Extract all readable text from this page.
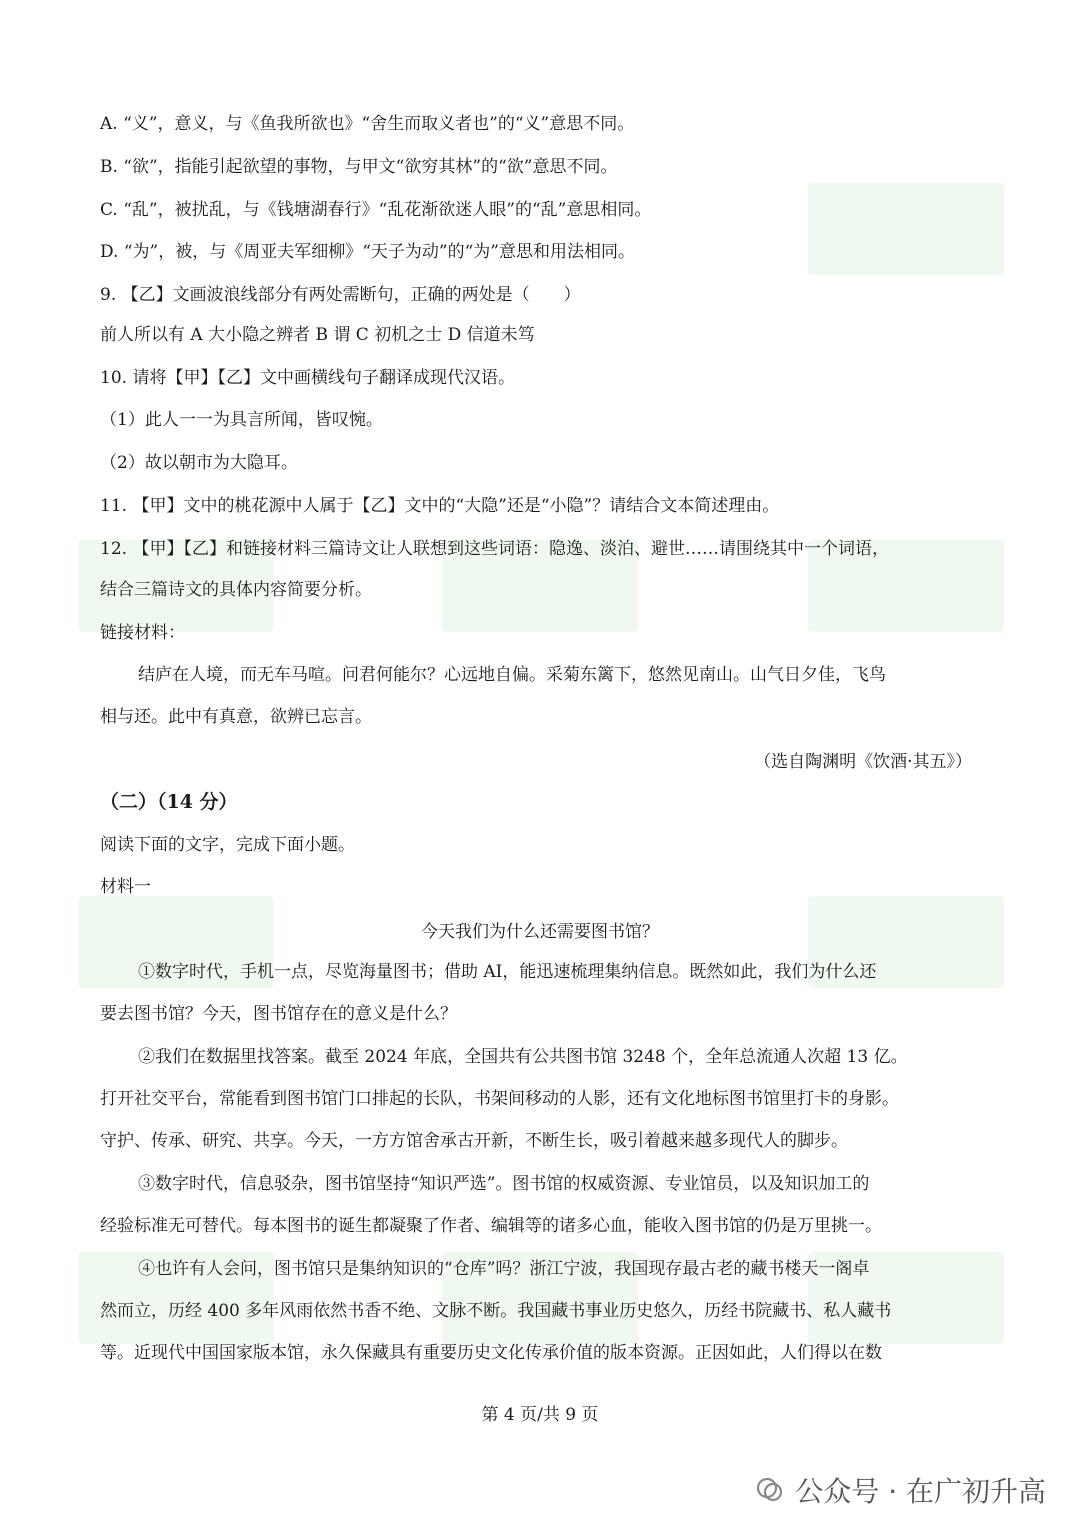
A. “义”，意义，与《鱼我所欲也》“舍生而取义者也”的“义”意思不同。
B. “欲”，指能引起欲望的事物，与甲文“欲穷其林”的“欲”意思不同。
C. “乱”，被扰乱，与《钱塘湖春行》“乱花渐欲迷人眼”的“乱”意思相同。
D. “为”，被，与《周亚夫军细柳》“天子为动”的“为”意思和用法相同。
9. 【乙】文画波浪线部分有两处需断句，正确的两处是（　　）
前人所以有 A 大小隐之辨者 B 谓 C 初机之士 D 信道未笃
10. 请将【甲】【乙】文中画横线句子翻译成现代汉语。
（1）此人一一为具言所闻，皆叹惋。
（2）故以朝市为大隐耳。
11. 【甲】文中的桃花源中人属于【乙】文中的“大隐”还是“小隐”？请结合文本简述理由。
12. 【甲】【乙】和链接材料三篇诗文让人联想到这些词语：隐逸、淡泊、避世……请围绕其中一个词语，
结合三篇诗文的具体内容简要分析。
链接材料：
结庐在人境，而无车马喧。问君何能尔？心远地自偏。采菊东篱下，悠然见南山。山气日夕佳，飞鸟
相与还。此中有真意，欲辨已忘言。
（选自陶渊明《饮酒·其五》）
（二）（14 分）
阅读下面的文字，完成下面小题。
材料一
今天我们为什么还需要图书馆？
①数字时代，手机一点，尽览海量图书；借助 AI，能迅速梳理集纳信息。既然如此，我们为什么还
要去图书馆？今天，图书馆存在的意义是什么？
②我们在数据里找答案。截至 2024 年底，全国共有公共图书馆 3248 个，全年总流通人次超 13 亿。
打开社交平台，常能看到图书馆门口排起的长队，书架间移动的人影，还有文化地标图书馆里打卡的身影。
守护、传承、研究、共享。今天，一方方馆舍承古开新，不断生长，吸引着越来越多现代人的脚步。
③数字时代，信息驳杂，图书馆坚持“知识严选”。图书馆的权威资源、专业馆员，以及知识加工的
经验标准无可替代。每本图书的诞生都凝聚了作者、编辑等的诸多心血，能收入图书馆的仍是万里挑一。
④也许有人会问，图书馆只是集纳知识的“仓库”吗？浙江宁波，我国现存最古老的藏书楼天一阁卓
然而立，历经 400 多年风雨依然书香不绝、文脉不断。我国藏书事业历史悠久，历经书院藏书、私人藏书
等。近现代中国国家版本馆，永久保藏具有重要历史文化传承价值的版本资源。正因如此，人们得以在数
第 4 页/共 9 页
公众号 · 在广初升高
